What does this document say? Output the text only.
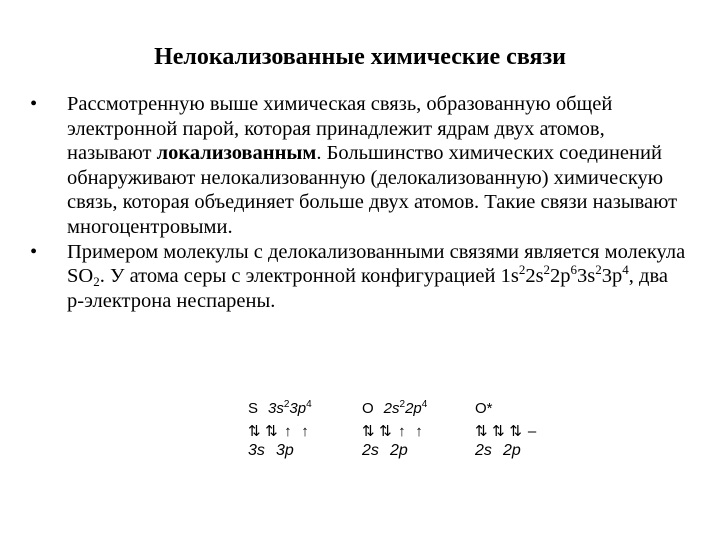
Нелокализованные химические связи
• Рассмотренную выше химическая связь, образованную общей электронной парой, которая принадлежит ядрам двух атомов, называют локализованным. Большинство химических соединений обнаруживают нелокализованную (делокализованную) химическую связь, которая объединяет больше двух атомов. Такие связи называют многоцентровыми.
• Примером молекулы с делокализованными связями является молекула $SO_2$. У атома серы с электронной конфигурацией $1s^22s^22p^63s^23p^4$, два р-электрона неспарены.
S $3s^23p^4$
⇅ ⇅ ↑ ↑
3s 3p
O $2s^22p^4$
⇅ ⇅ ↑ ↑
2s 2p
O*
⇅ ⇅ ⇅ –
2s 2p
